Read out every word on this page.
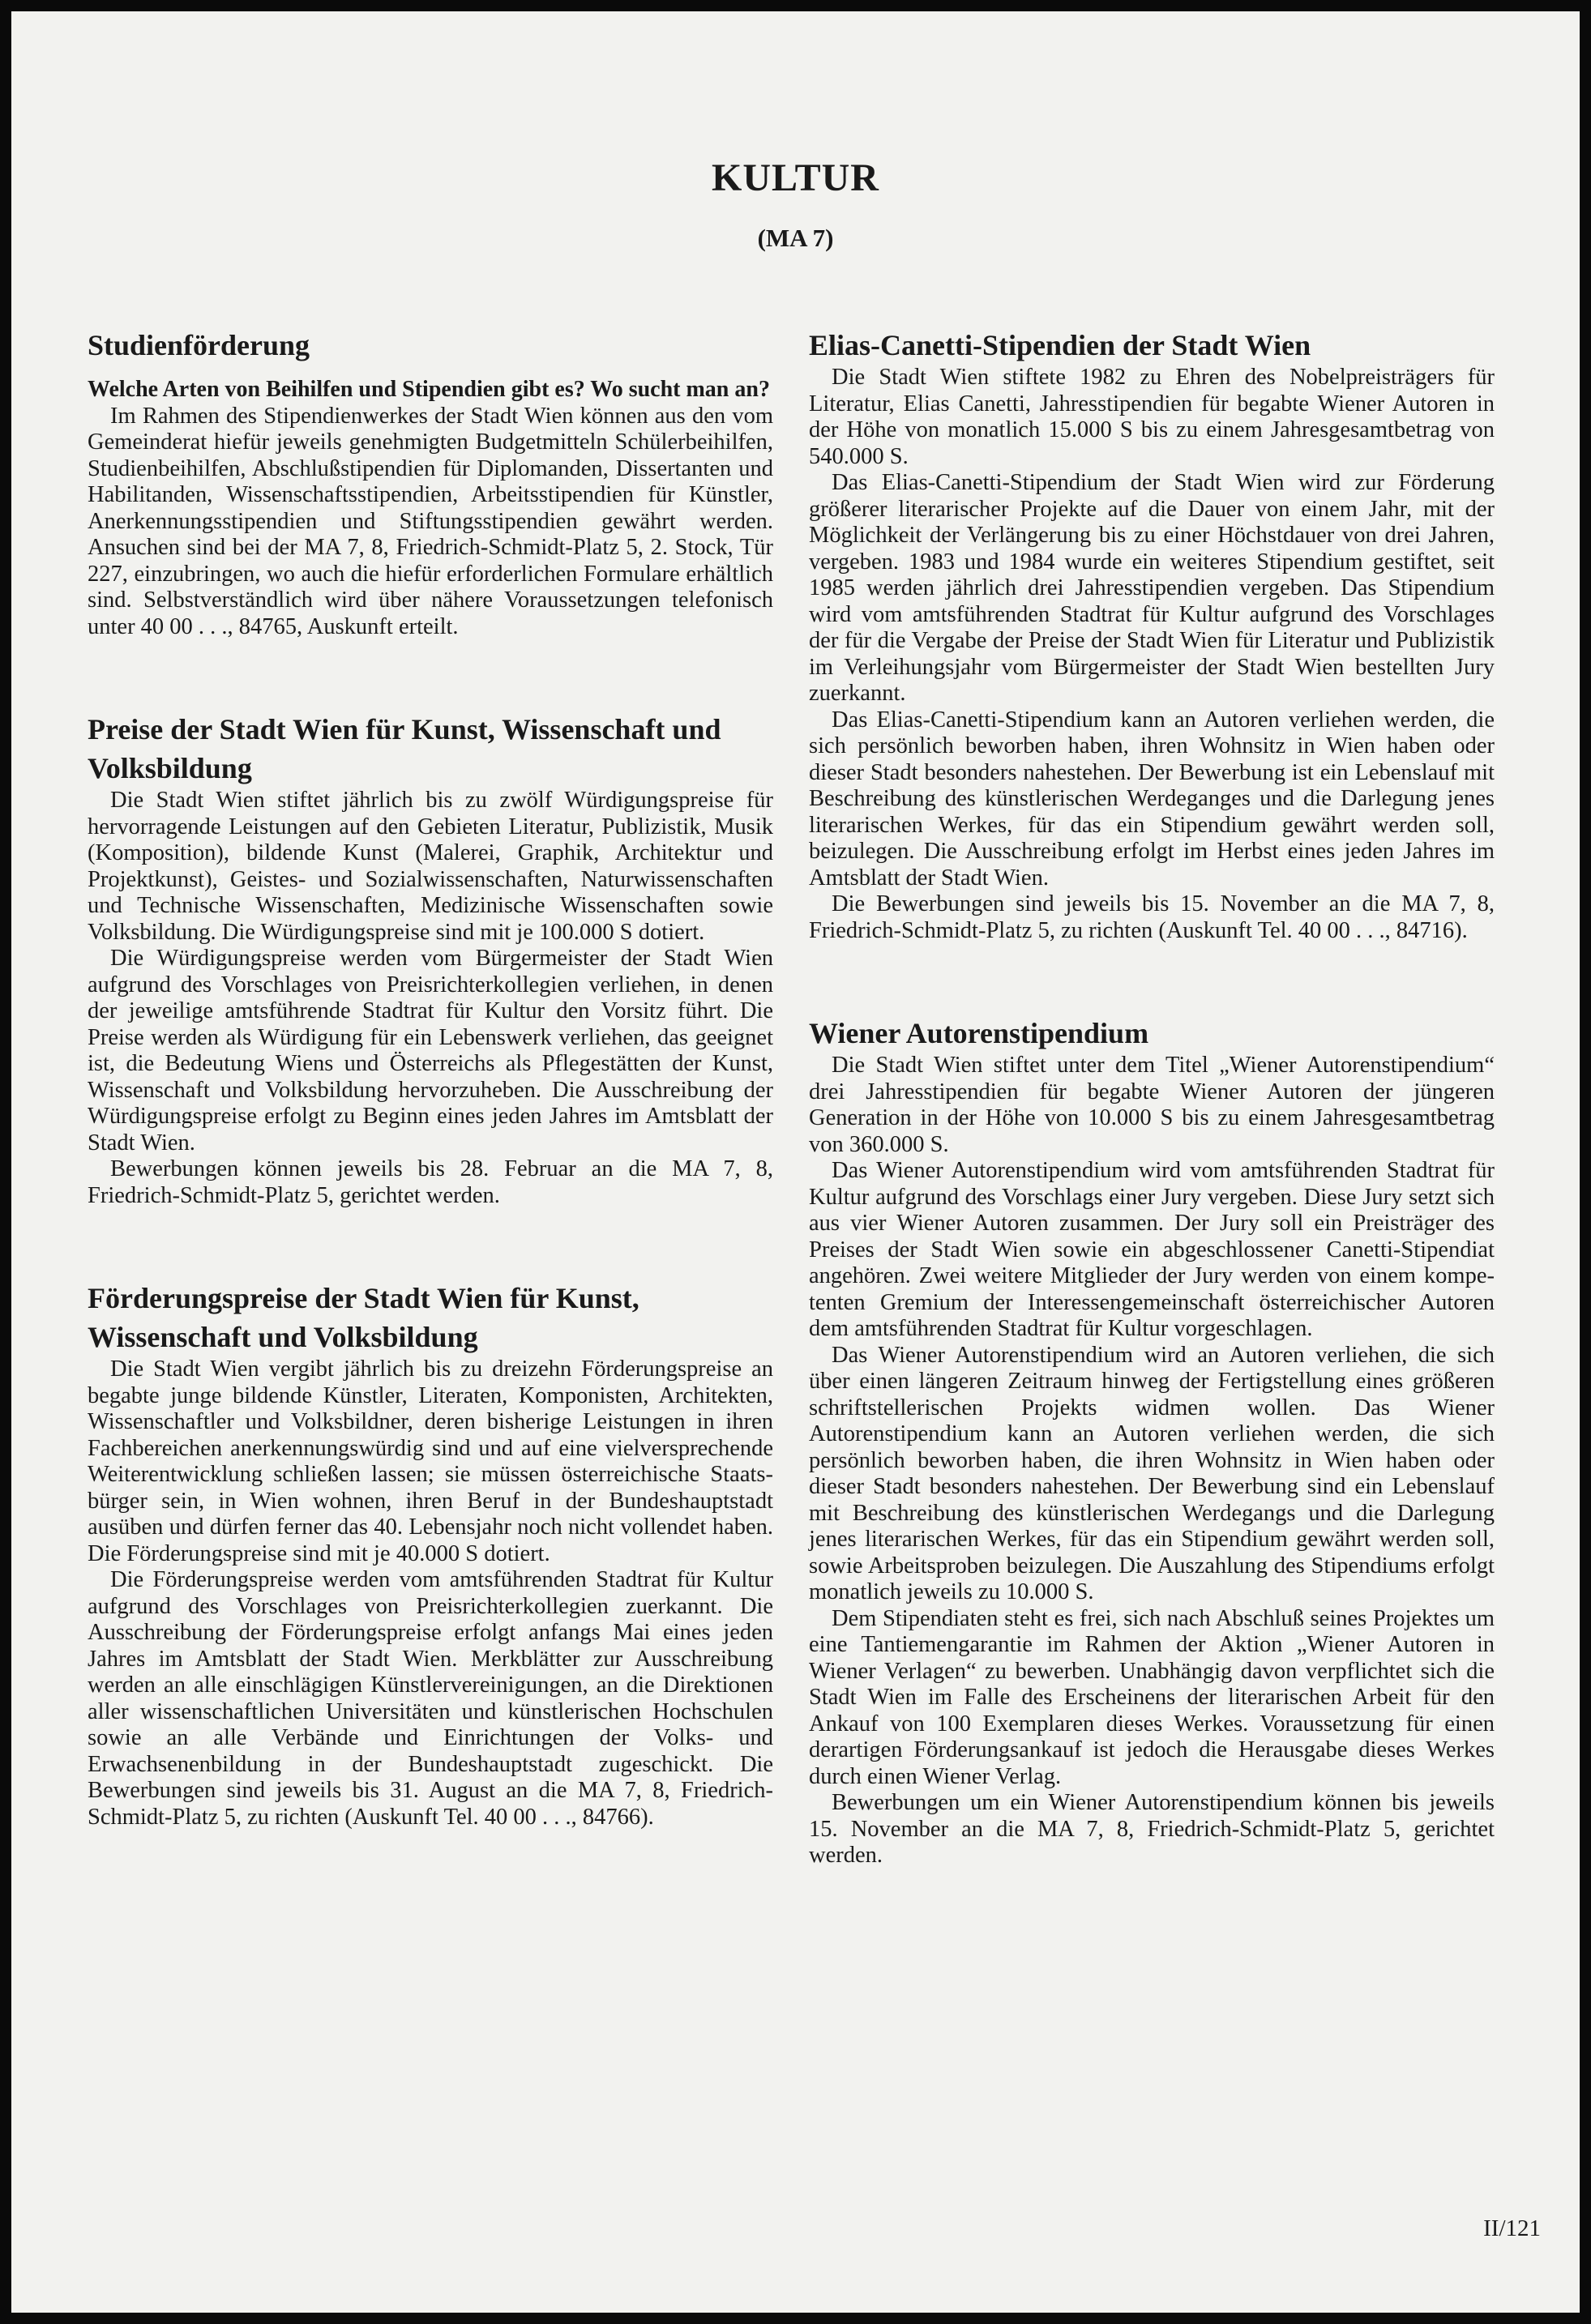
KULTUR
(MA 7)
Studienförderung
Welche Arten von Beihilfen und Stipendien gibt es? Wo sucht man an?

Im Rahmen des Stipendienwerkes der Stadt Wien können aus den vom Gemeinderat hiefür jeweils genehmigten Budgetmitteln Schülerbeihilfen, Studienbeihilfen, Abschlußstipendien für Diplomanden, Dissertanten und Habilitanden, Wissenschaftsstipendien, Arbeitsstipendien für Künstler, Anerkennungsstipendien und Stiftungsstipendien gewährt werden. Ansuchen sind bei der MA 7, 8, Friedrich-Schmidt-Platz 5, 2. Stock, Tür 227, einzubringen, wo auch die hiefür erforderlichen Formulare erhältlich sind. Selbstverständlich wird über nähere Voraussetzungen telefonisch unter 40 00 . . ., 84765, Auskunft erteilt.

Preise der Stadt Wien für Kunst, Wissenschaft und Volksbildung

Die Stadt Wien stiftet jährlich bis zu zwölf Würdigungspreise für hervorragende Leistungen auf den Gebieten Literatur, Publizistik, Musik (Komposition), bildende Kunst (Malerei, Graphik, Architektur und Projektkunst), Geistes- und Sozialwissenschaften, Naturwissenschaften und Technische Wissenschaften, Medizinische Wissenschaften sowie Volksbildung. Die Würdigungspreise sind mit je 100.000 S dotiert.

Die Würdigungspreise werden vom Bürgermeister der Stadt Wien aufgrund des Vorschlages von Preisrichterkollegien verliehen, in denen der jeweilige amtsführende Stadtrat für Kultur den Vorsitz führt. Die Preise werden als Würdigung für ein Lebenswerk verliehen, das geeignet ist, die Bedeutung Wiens und Österreichs als Pflegestätten der Kunst, Wissenschaft und Volksbildung hervorzuheben. Die Ausschreibung der Würdigungspreise erfolgt zu Beginn eines jeden Jahres im Amtsblatt der Stadt Wien.

Bewerbungen können jeweils bis 28. Februar an die MA 7, 8, Friedrich-Schmidt-Platz 5, gerichtet werden.

Förderungspreise der Stadt Wien für Kunst, Wissenschaft und Volksbildung

Die Stadt Wien vergibt jährlich bis zu dreizehn Förderungspreise an begabte junge bildende Künstler, Literaten, Komponisten, Architekten, Wissenschaftler und Volksbildner, deren bisherige Leistungen in ihren Fachbereichen anerkennungswürdig sind und auf eine vielversprechende Weiterentwicklung schließen lassen; sie müssen österreichische Staatsbürger sein, in Wien wohnen, ihren Beruf in der Bundeshauptstadt ausüben und dürfen ferner das 40. Lebensjahr noch nicht vollendet haben. Die Förderungspreise sind mit je 40.000 S dotiert.

Die Förderungspreise werden vom amtsführenden Stadtrat für Kultur aufgrund des Vorschlages von Preisrichterkollegien zuerkannt. Die Ausschreibung der Förderungspreise erfolgt anfangs Mai eines jeden Jahres im Amtsblatt der Stadt Wien. Merkblätter zur Ausschreibung werden an alle einschlägigen Künstlervereinigungen, an die Direktionen aller wissenschaftlichen Universitäten und künstlerischen Hochschulen sowie an alle Verbände und Einrichtungen der Volks- und Erwachsenenbildung in der Bundeshauptstadt zugeschickt. Die Bewerbungen sind jeweils bis 31. August an die MA 7, 8, Friedrich-Schmidt-Platz 5, zu richten (Auskunft Tel. 40 00 . . ., 84766).

Elias-Canetti-Stipendien der Stadt Wien

Die Stadt Wien stiftete 1982 zu Ehren des Nobelpreisträgers für Literatur, Elias Canetti, Jahresstipendien für begabte Wiener Autoren in der Höhe von monatlich 15.000 S bis zu einem Jahresgesamtbetrag von 540.000 S.

Das Elias-Canetti-Stipendium der Stadt Wien wird zur Förderung größerer literarischer Projekte auf die Dauer von einem Jahr, mit der Möglichkeit der Verlängerung bis zu einer Höchstdauer von drei Jahren, vergeben. 1983 und 1984 wurde ein weiteres Stipendium gestiftet, seit 1985 werden jährlich drei Jahresstipendien vergeben. Das Stipendium wird vom amtsführenden Stadtrat für Kultur aufgrund des Vorschlages der für die Vergabe der Preise der Stadt Wien für Literatur und Publizistik im Verleihungsjahr vom Bürgermeister der Stadt Wien bestellten Jury zuerkannt.

Das Elias-Canetti-Stipendium kann an Autoren verliehen werden, die sich persönlich beworben haben, ihren Wohnsitz in Wien haben oder dieser Stadt besonders nahestehen. Der Bewerbung ist ein Lebenslauf mit Beschreibung des künstlerischen Werdeganges und die Darlegung jenes literarischen Werkes, für das ein Stipendium gewährt werden soll, beizulegen. Die Ausschreibung erfolgt im Herbst eines jeden Jahres im Amtsblatt der Stadt Wien.

Die Bewerbungen sind jeweils bis 15. November an die MA 7, 8, Friedrich-Schmidt-Platz 5, zu richten (Auskunft Tel. 40 00 . . ., 84716).

Wiener Autorenstipendium

Die Stadt Wien stiftet unter dem Titel „Wiener Autorenstipendium“ drei Jahresstipendien für begabte Wiener Autoren der jüngeren Generation in der Höhe von 10.000 S bis zu einem Jahresgesamtbetrag von 360.000 S.

Das Wiener Autorenstipendium wird vom amtsführenden Stadtrat für Kultur aufgrund des Vorschlags einer Jury vergeben. Diese Jury setzt sich aus vier Wiener Autoren zusammen. Der Jury soll ein Preisträger des Preises der Stadt Wien sowie ein abgeschlossener Canetti-Stipendiat angehören. Zwei weitere Mitglieder der Jury werden von einem kompetenten Gremium der Interessengemeinschaft österreichischer Autoren dem amtsführenden Stadtrat für Kultur vorgeschlagen.

Das Wiener Autorenstipendium wird an Autoren verliehen, die sich über einen längeren Zeitraum hinweg der Fertigstellung eines größeren schriftstellerischen Projekts widmen wollen. Das Wiener Autorenstipendium kann an Autoren verliehen werden, die sich persönlich beworben haben, die ihren Wohnsitz in Wien haben oder dieser Stadt besonders nahestehen. Der Bewerbung sind ein Lebenslauf mit Beschreibung des künstlerischen Werdegangs und die Darlegung jenes literarischen Werkes, für das ein Stipendium gewährt werden soll, sowie Arbeitsproben beizulegen. Die Auszahlung des Stipendiums erfolgt monatlich jeweils zu 10.000 S.

Dem Stipendiaten steht es frei, sich nach Abschluß seines Projektes um eine Tantiemengarantie im Rahmen der Aktion „Wiener Autoren in Wiener Verlagen“ zu bewerben. Unabhängig davon verpflichtet sich die Stadt Wien im Falle des Erscheinens der literarischen Arbeit für den Ankauf von 100 Exemplaren dieses Werkes. Voraussetzung für einen derartigen Förderungsankauf ist jedoch die Herausgabe dieses Werkes durch einen Wiener Verlag.

Bewerbungen um ein Wiener Autorenstipendium können bis jeweils 15. November an die MA 7, 8, Friedrich-Schmidt-Platz 5, gerichtet werden.

II/121
